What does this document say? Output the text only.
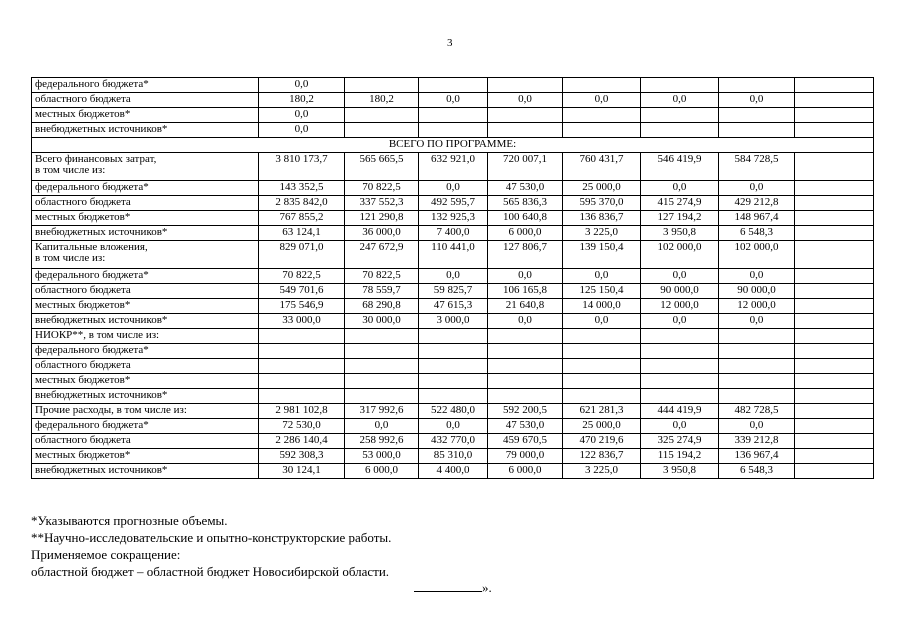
3
федерального бюджета*	0,0							

областного бюджета	180,2	180,2	0,0	0,0	0,0	0,0	0,0	

местных бюджетов*	0,0							

внебюджетных источников*	0,0							
ВСЕГО ПО ПРОГРАММЕ:								

Всего финансовых затрат,
в том числе из:	3 810 173,7	565 665,5	632 921,0	720 007,1	760 431,7	546 419,9	584 728,5	

федерального бюджета*	143 352,5	70 822,5	0,0	47 530,0	25 000,0	0,0	0,0	

областного бюджета	2 835 842,0	337 552,3	492 595,7	565 836,3	595 370,0	415 274,9	429 212,8	

местных бюджетов*	767 855,2	121 290,8	132 925,3	100 640,8	136 836,7	127 194,2	148 967,4	

внебюджетных источников*	63 124,1	36 000,0	7 400,0	6 000,0	3 225,0	3 950,8	6 548,3	

Капитальные вложения,
в том числе из:	829 071,0	247 672,9	110 441,0	127 806,7	139 150,4	102 000,0	102 000,0	

федерального бюджета*	70 822,5	70 822,5	0,0	0,0	0,0	0,0	0,0	

областного бюджета	549 701,6	78 559,7	59 825,7	106 165,8	125 150,4	90 000,0	90 000,0	

местных бюджетов*	175 546,9	68 290,8	47 615,3	21 640,8	14 000,0	12 000,0	12 000,0	

внебюджетных источников*	33 000,0	30 000,0	3 000,0	0,0	0,0	0,0	0,0	

НИОКР**, в том числе из:								

федерального бюджета*								

областного бюджета								

местных бюджетов*								

внебюджетных источников*								

Прочие расходы, в том числе из:	2 981 102,8	317 992,6	522 480,0	592 200,5	621 281,3	444 419,9	482 728,5	

федерального бюджета*	72 530,0	0,0	0,0	47 530,0	25 000,0	0,0	0,0	

областного бюджета	2 286 140,4	258 992,6	432 770,0	459 670,5	470 219,6	325 274,9	339 212,8	

местных бюджетов*	592 308,3	53 000,0	85 310,0	79 000,0	122 836,7	115 194,2	136 967,4	

внебюджетных источников*	30 124,1	6 000,0	4 400,0	6 000,0	3 225,0	3 950,8	6 548,3	
*Указываются прогнозные объемы.
**Научно-исследовательские и опытно-конструкторские работы.
Применяемое сокращение:
областной бюджет – областной бюджет Новосибирской области.
».
